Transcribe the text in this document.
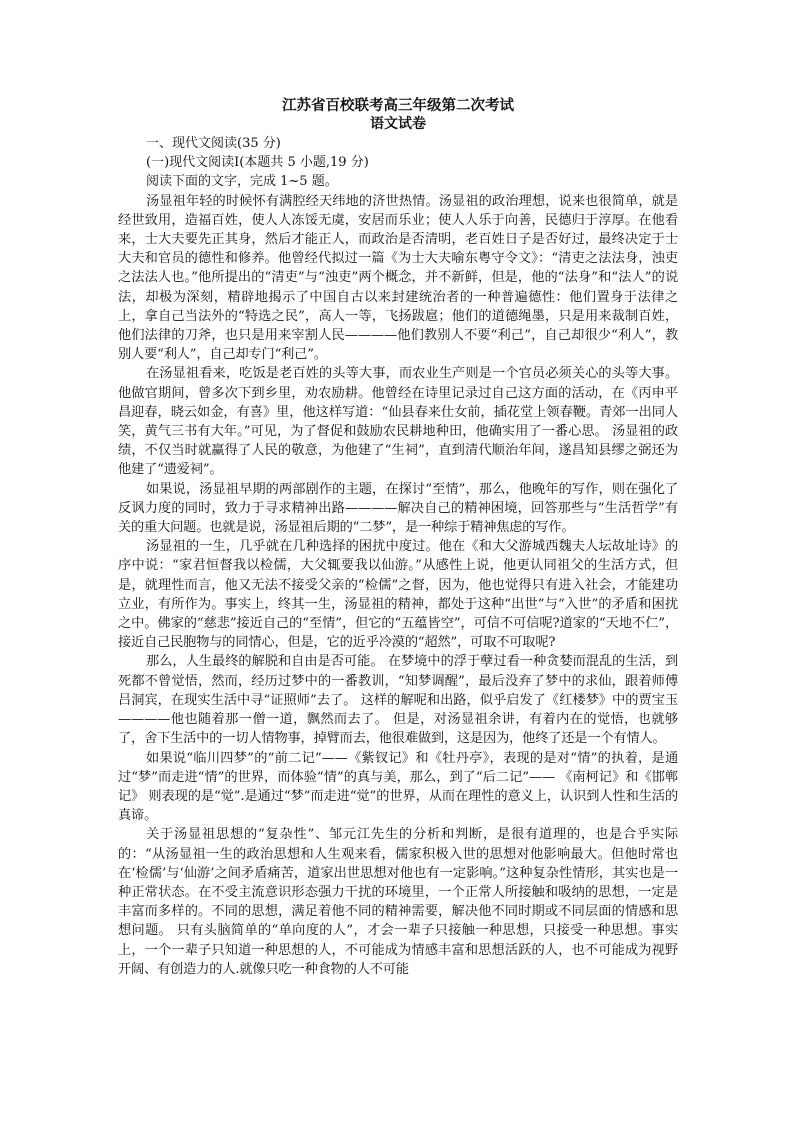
江苏省百校联考高三年级第二次考试
语文试卷

一、现代文阅读(35 分)

(一)现代文阅读Ⅰ(本题共 5 小题,19 分)

阅读下面的文字，完成 1~5 题。

汤显祖年轻的时候怀有满腔经天纬地的济世热情。汤显祖的政治理想，说来也很简单，就是经世致用，造福百姓，使人人冻馁无虞，安居而乐业；使人人乐于向善，民德归于淳厚。在他看来，士大夫要先正其身，然后才能正人，而政治是否清明，老百姓日子是否好过，最终决定于士大夫和官员的德性和修养。他曾经代拟过一篇《为士大夫喻东粤守令文》：“清吏之法法身，浊吏之法法人也。”他所提出的“清吏”与“浊吏”两个概念，并不新鲜，但是，他的“法身”和“法人”的说法，却极为深刻，精辟地揭示了中国自古以来封建统治者的一种普遍德性：他们置身于法律之上，拿自己当法外的“特选之民”，高人一等，飞扬跋扈；他们的道德绳墨，只是用来裁制百姓，他们法律的刀斧，也只是用来宰割人民————他们教别人不要“利己”，自己却很少“利人”，教别人要“利人”，自己却专门“利己”。

在汤显祖看来，吃饭是老百姓的头等大事，而农业生产则是一个官员必须关心的头等大事。他做官期间，曾多次下到乡里，劝农励耕。他曾经在诗里记录过自己这方面的活动，在《丙申平昌迎春，晓云如金，有喜》里，他这样写道：“仙县春来仕女前，插花堂上领春鞭。青郊一出同人笑，黄气三书有大年。”可见，为了督促和鼓励农民耕地种田，他确实用了一番心思。 汤显祖的政绩，不仅当时就赢得了人民的敬意，为他建了“生祠”，直到清代顺治年间，遂昌知县缪之弼还为他建了“遗爱祠”。

如果说，汤显祖早期的两部剧作的主题，在探讨“至情”，那么，他晚年的写作，则在强化了反讽力度的同时，致力于寻求精神出路————解决自己的精神困境，回答那些与“生活哲学”有关的重大问题。也就是说，汤显祖后期的“二梦”，是一种综于精神焦虑的写作。

汤显祖的一生，几乎就在几种选择的困扰中度过。他在《和大父游城西魏夫人坛故址诗》的序中说：“家君恒督我以检儒，大父辄要我以仙游。”从感性上说，他更认同祖父的生活方式，但是，就理性而言，他又无法不接受父亲的“检儒”之督，因为，他也觉得只有进入社会，才能建功立业，有所作为。事实上，终其一生，汤显祖的精神，都处于这种“出世”与“入世”的矛盾和困扰之中。佛家的“慈悲”接近自己的“至情”，但它的“五蕴皆空”，可信不可信呢?道家的“天地不仁”，接近自己民胞物与的同情心，但是，它的近乎冷漠的“超然”，可取不可取呢?

那么，人生最终的解脱和自由是否可能。 在梦境中的浮于孽过看一种贪婪而混乱的生活，到死都不曾觉悟，然而，经历过梦中的一番教训，“知梦调醒”，最后没弃了梦中的求仙，跟着师傅吕洞宾，在现实生活中寻“证照师”去了。 这样的解呢和出路，似乎启发了《红楼梦》中的贾宝玉————他也随着那一僧一道，飘然而去了。 但是，对汤显祖余讲，有着内在的觉悟，也就够了，舍下生活中的一切人情物事，掉臂而去，他很难做到，这是因为，他终了还是一个有情人。

如果说“临川四梦”的“前二记”——《紫钗记》和《牡丹亭》，表现的是对“情”的执着，是通过“梦”而走进“情”的世界，而体验“情”的真与美，那么，到了“后二记”—— 《南柯记》和《邯郸记》 则表现的是“觉”.是通过“梦”而走进“觉”的世界，从而在理性的意义上，认识到人性和生活的真谛。

关于汤显祖思想的“复杂性”、邹元江先生的分析和判断，是很有道理的，也是合乎实际的：“从汤显祖一生的政治思想和人生观来看，儒家积极入世的思想对他影响最大。但他时常也在‘检儒’与‘仙游’之间矛盾痛苦，道家出世思想对他也有一定影响。”这种复杂性情形，其实也是一种正常状态。在不受主流意识形态强力干扰的环境里，一个正常人所接触和吸纳的思想，一定是丰富而多样的。不同的思想，满足着他不同的精神需要，解决他不同时期或不同层面的情感和思想问题。 只有头脑简单的“单向度的人”，才会一辈子只接触一种思想，只接受一种思想。事实上，一个一辈子只知道一种思想的人，不可能成为情感丰富和思想活跃的人，也不可能成为视野开阔、有创造力的人.就像只吃一种食物的人不可能
